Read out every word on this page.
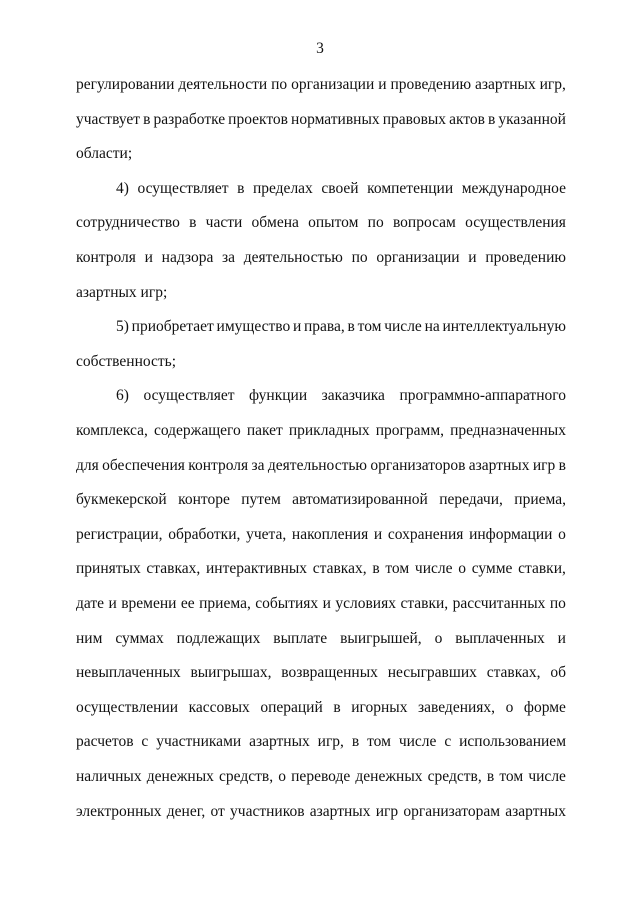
3
регулировании деятельности по организации и проведению азартных игр,
участвует в разработке проектов нормативных правовых актов в указанной
области;
4) осуществляет в пределах своей компетенции международное
сотрудничество в части обмена опытом по вопросам осуществления
контроля и надзора за деятельностью по организации и проведению
азартных игр;
5) приобретает имущество и права, в том числе на интеллектуальную
собственность;
6) осуществляет функции заказчика программно-аппаратного
комплекса, содержащего пакет прикладных программ, предназначенных
для обеспечения контроля за деятельностью организаторов азартных игр в
букмекерской конторе путем автоматизированной передачи, приема,
регистрации, обработки, учета, накопления и сохранения информации о
принятых ставках, интерактивных ставках, в том числе о сумме ставки,
дате и времени ее приема, событиях и условиях ставки, рассчитанных по
ним суммах подлежащих выплате выигрышей, о выплаченных и
невыплаченных выигрышах, возвращенных несыгравших ставках, об
осуществлении кассовых операций в игорных заведениях, о форме
расчетов с участниками азартных игр, в том числе с использованием
наличных денежных средств, о переводе денежных средств, в том числе
электронных денег, от участников азартных игр организаторам азартных
